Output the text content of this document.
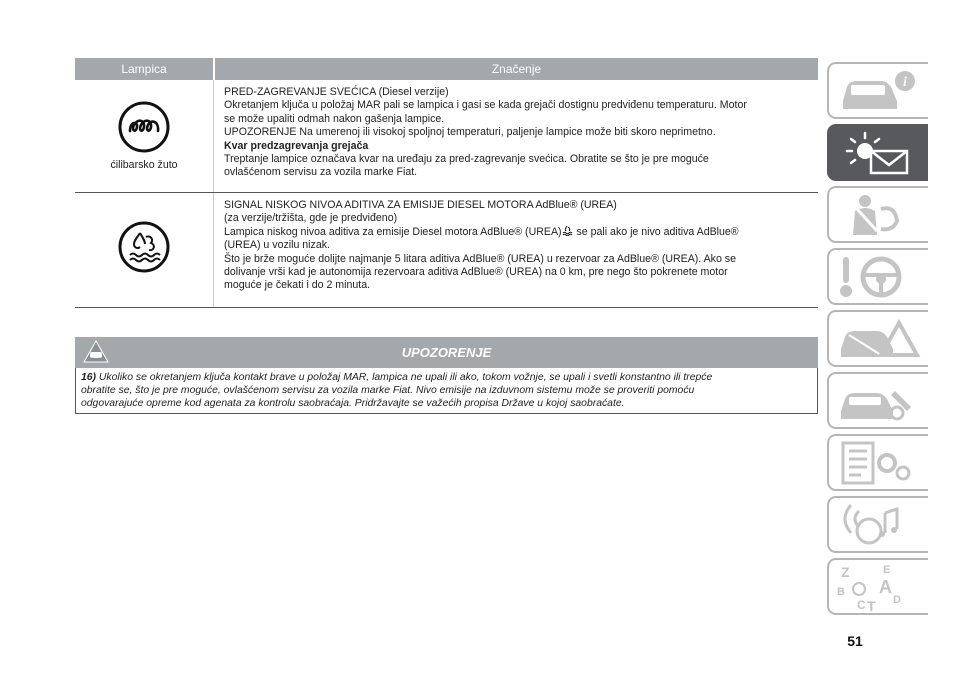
Lampica	Značenje
ćilibarsko žuto
PRED-ZAGREVANJE SVEĆICA (Diesel verzije)
Okretanjem ključa u položaj MAR pali se lampica i gasi se kada grejači dostignu predviđenu temperaturu. Motor
se može upaliti odmah nakon gašenja lampice.
UPOZORENJE Na umerenoj ili visokoj spoljnoj temperaturi, paljenje lampice može biti skoro neprimetno.
Kvar predzagrevanja grejača
Treptanje lampice označava kvar na uređaju za pred-zagrevanje svećica. Obratite se što je pre moguće
ovlašćenom servisu za vozila marke Fiat.
SIGNAL NISKOG NIVOA ADITIVA ZA EMISIJE DIESEL MOTORA AdBlue® (UREA)
(za verzije/tržišta, gde je predviđeno)
Lampica niskog nivoa aditiva za emisije Diesel motora AdBlue® (UREA) se pali ako je nivo aditiva AdBlue®
(UREA) u vozilu nizak.
Što je brže moguće dolijte najmanje 5 litara aditiva AdBlue® (UREA) u rezervoar za AdBlue® (UREA). Ako se
dolivanje vrši kad je autonomija rezervoara aditiva AdBlue® (UREA) na 0 km, pre nego što pokrenete motor
moguće je čekati i do 2 minuta.
UPOZORENJE
16) Ukoliko se okretanjem ključa kontakt brave u položaj MAR, lampica ne upali ili ako, tokom vožnje, se upali i svetli konstantno ili trepće
obratite se, što je pre moguće, ovlašćenom servisu za vozila marke Fiat. Nivo emisije na izduvnom sistemu može se proveriti pomoću
odgovarajuće opreme kod agenata za kontrolu saobraćaja. Pridržavajte se važećih propisa Države u kojoj saobraćate.
i
Z	E
B A
C T D
51
